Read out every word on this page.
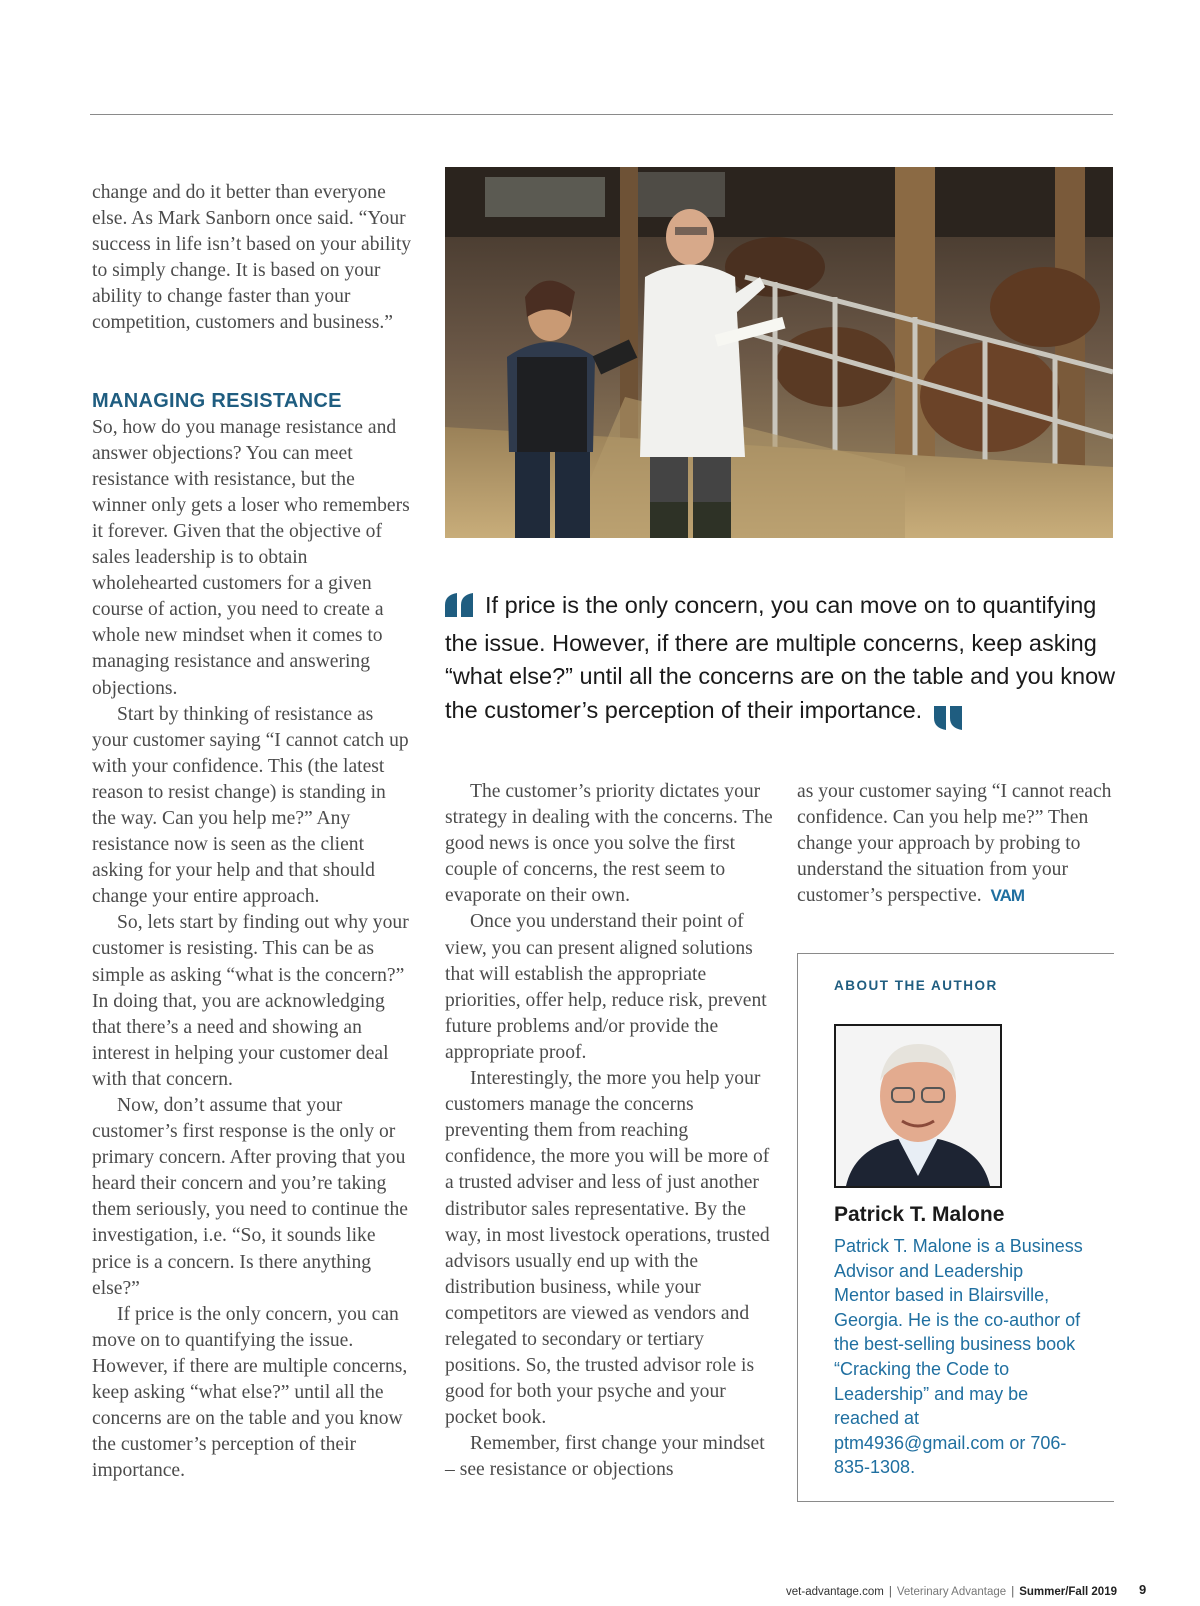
change and do it better than everyone else. As Mark Sanborn once said. “Your success in life isn’t based on your ability to simply change. It is based on your ability to change faster than your competition, customers and business.”

MANAGING RESISTANCE

So, how do you manage resistance and answer objections? You can meet resistance with resistance, but the winner only gets a loser who remembers it forever. Given that the objective of sales leadership is to obtain wholehearted customers for a given course of action, you need to create a whole new mindset when it comes to managing resistance and answering objections.

Start by thinking of resistance as your customer saying “I cannot catch up with your confidence. This (the latest reason to resist change) is standing in the way. Can you help me?” Any resistance now is seen as the client asking for your help and that should change your entire approach.

So, lets start by finding out why your customer is resisting. This can be as simple as asking “what is the concern?” In doing that, you are acknowledging that there’s a need and showing an interest in helping your customer deal with that concern.

Now, don’t assume that your customer’s first response is the only or primary concern. After proving that you heard their concern and you’re taking them seriously, you need to continue the investigation, i.e. “So, it sounds like price is a concern. Is there anything else?”

If price is the only concern, you can move on to quantifying the issue. However, if there are multiple concerns, keep asking “what else?” until all the concerns are on the table and you know the customer’s perception of their importance.

If price is the only concern, you can move on to quantifying the issue. However, if there are multiple concerns, keep asking “what else?” until all the concerns are on the table and you know the customer’s perception of their importance.

The customer’s priority dictates your strategy in dealing with the concerns. The good news is once you solve the first couple of concerns, the rest seem to evaporate on their own.

Once you understand their point of view, you can present aligned solutions that will establish the appropriate priorities, offer help, reduce risk, prevent future problems and/or provide the appropriate proof.

Interestingly, the more you help your customers manage the concerns preventing them from reaching confidence, the more you will be more of a trusted adviser and less of just another distributor sales representative. By the way, in most livestock operations, trusted advisors usually end up with the distribution business, while your competitors are viewed as vendors and relegated to secondary or tertiary positions. So, the trusted advisor role is good for both your psyche and your pocket book.

Remember, first change your mindset – see resistance or objections

as your customer saying “I cannot reach confidence. Can you help me?” Then change your approach by probing to understand the situation from your customer’s perspective. VAM

ABOUT THE AUTHOR
Patrick T. Malone
Patrick T. Malone is a Business Advisor and Leadership Mentor based in Blairsville, Georgia. He is the co-author of the best-selling business book “Cracking the Code to Leadership” and may be reached at ptm4936@gmail.com or 706-835-1308.
vet-advantage.com | Veterinary Advantage | Summer/Fall 2019 9
